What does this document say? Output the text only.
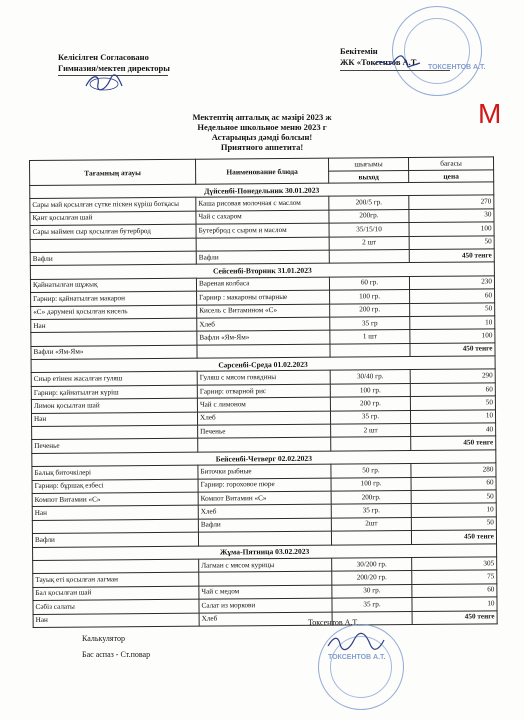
Келісілген Согласовано
Гимназия/мектеп директоры	ТОКСЕНТОВ А.Т.
Бекітемін
ЖК «Токсентов А.Т.
М
Мектептің апталық ас мәзірі 2023 ж
Недельное школьное меню 2023 г
Астарыңыз дәмді болсын!
Приятного аппетита!
Тағамның атауы	Наименование блюда	шығымы	бағасы
		выход	цена
Дүйсенбі-Понедельник 30.01.2023			
Сары май қосылған сүтке піскен күріш ботқасы	Каша рисовая молочная с маслом	200/5 гр.	270
Қант қосылған шай	Чай с сахаром	200гр.	30
Сары маймен сыр қосылған бутерброд	Бутерброд с сыром и маслом	35/15/10	100
		2 шт	50
Вафли	Вафли		450 тенге
Сейсенбі-Вторник 31.01.2023			
Қайнатылған шұжық	Вареная колбаса	60 гр.	230
Гарнир: қайнатылған макарон	Гарнир : макароны отварные	100 гр.	60
«С» дәрумені қосылған кисель	Кисель с Витамином «С»	200 гр.	50
Нан	Хлеб	35 гр	10
	Вафли «Ям-Ям»	1 шт	100
Вафли «Ям-Ям»			450 тенге
Сәрсенбі-Среда 01.02.2023			
Сиыр етінен жасалған гуляш	Гуляш с мясом говядины	30/40 гр.	290
Гарнир: қайнатылған күріш	Гарнир: отварной рис	100 гр.	60
Лимон қосылған шай	Чай с лимоном	200 гр.	50
Нан	Хлеб	35 гр.	10
	Печенье	2 шт	40
Печенье			450 тенге
Бейсенбі-Четверг 02.02.2023			
Балық биточкілері	Биточки рыбные	50 гр.	280
Гарнир: бұршақ езбесі	Гарнир: гороховое пюре	100 гр.	60
Компот Витамин «С»	Компот Витамин «С»	200гр.	50
Нан	Хлеб	35 гр.	10
	Вафли	2шт	50
Вафли			450 тенге
Жұма-Пятница 03.02.2023			
	Лагман с мясом курицы	30/200 гр.	305
Тауық еті қосылған лагман		200/20 гр.	75
Бал қосылған шай	Чай с медом	30 гр.	60
Сәбіз салаты	Салат из моркови	35 гр.	10
Нан	Хлеб		450 тенге
Калькулятор
Бас аспаз - Ст.повар
Токсентов А.Т.
ТОКСЕНТОВ А.Т.
